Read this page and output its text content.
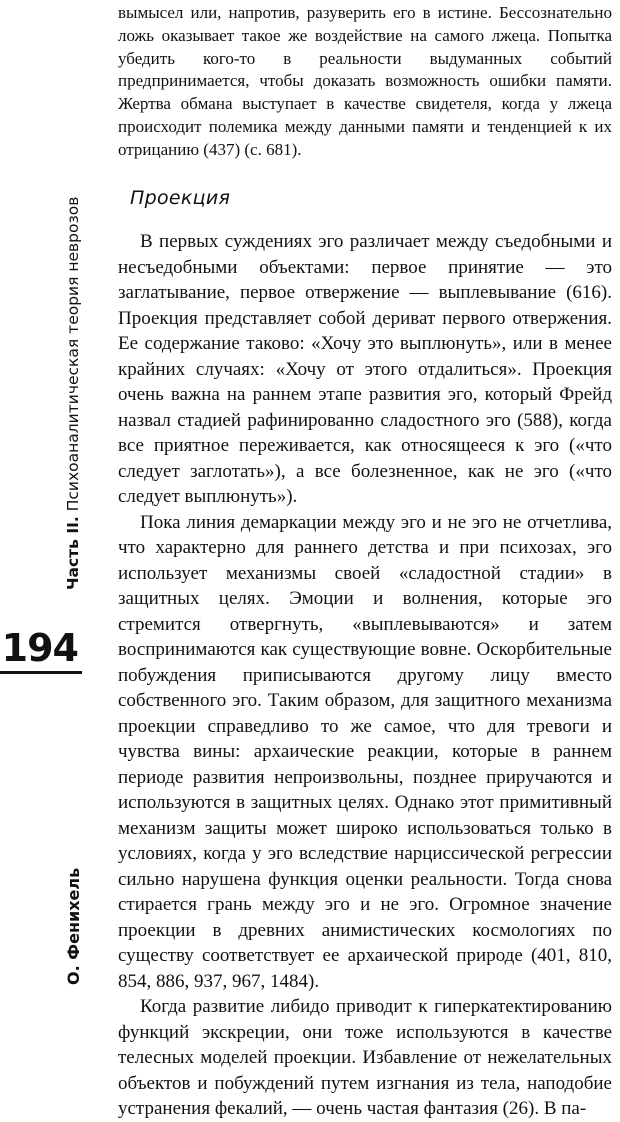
Часть II. Психоаналитическая теория неврозов
194
О. Фенихель

вымысел или, напротив, разуверить его в истине. Бессознательно ложь оказывает такое же воздействие на самого лжеца. Попытка убедить кого-то в реальности выдуманных событий предпринимается, чтобы доказать возможность ошибки памяти. Жертва обмана выступает в качестве свидетеля, когда у лжеца происходит полемика между данными памяти и тенденцией к их отрицанию (437) (с. 681).

Проекция

В первых суждениях эго различает между съедобными и несъедобными объектами: первое принятие — это заглатывание, первое отвержение — выплевывание (616). Проекция представляет собой дериват первого отвержения. Ее содержание таково: «Хочу это выплюнуть», или в менее крайних случаях: «Хочу от этого отдалиться». Проекция очень важна на раннем этапе развития эго, который Фрейд назвал стадией рафинированно сладостного эго (588), когда все приятное переживается, как относящееся к эго («что следует заглотать»), а все болезненное, как не эго («что следует выплюнуть»).

Пока линия демаркации между эго и не эго не отчетлива, что характерно для раннего детства и при психозах, эго использует механизмы своей «сладостной стадии» в защитных целях. Эмоции и волнения, которые эго стремится отвергнуть, «выплевываются» и затем воспринимаются как существующие вовне. Оскорбительные побуждения приписываются другому лицу вместо собственного эго. Таким образом, для защитного механизма проекции справедливо то же самое, что для тревоги и чувства вины: архаические реакции, которые в раннем периоде развития непроизвольны, позднее приручаются и используются в защитных целях. Однако этот примитивный механизм защиты может широко использоваться только в условиях, когда у эго вследствие нарциссической регрессии сильно нарушена функция оценки реальности. Тогда снова стирается грань между эго и не эго. Огромное значение проекции в древних анимистических космологиях по существу соответствует ее архаической природе (401, 810, 854, 886, 937, 967, 1484).

Когда развитие либидо приводит к гиперкатектированию функций экскреции, они тоже используются в качестве телесных моделей проекции. Избавление от нежелательных объектов и побуждений путем изгнания из тела, наподобие устранения фекалий, — очень частая фантазия (26). В па-
